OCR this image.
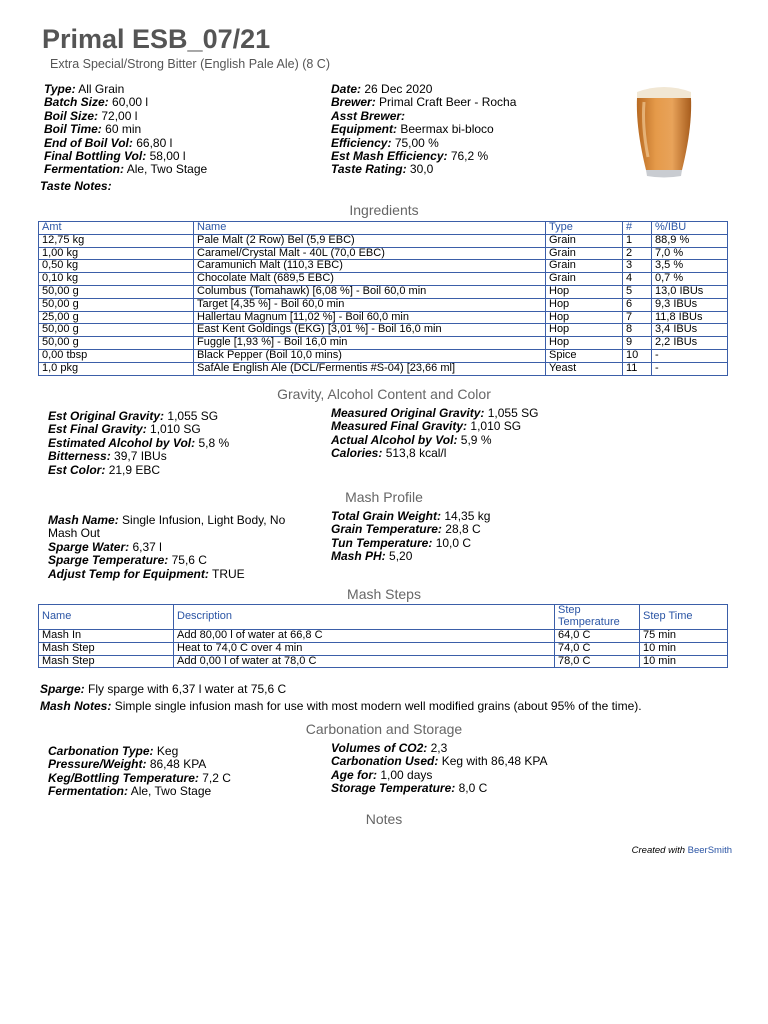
Primal ESB_07/21
Extra Special/Strong Bitter (English Pale Ale) (8 C)
Type: All Grain
Batch Size: 60,00 l
Boil Size: 72,00 l
Boil Time: 60 min
End of Boil Vol: 66,80 l
Final Bottling Vol: 58,00 l
Fermentation: Ale, Two Stage
Date: 26 Dec 2020
Brewer: Primal Craft Beer - Rocha
Asst Brewer:
Equipment: Beermax bi-bloco
Efficiency: 75,00 %
Est Mash Efficiency: 76,2 %
Taste Rating: 30,0
Taste Notes:
Ingredients
Amt	Name	Type	#	%/IBU
12,75 kg	Pale Malt (2 Row) Bel (5,9 EBC)	Grain	1	88,9 %
1,00 kg	Caramel/Crystal Malt - 40L (70,0 EBC)	Grain	2	7,0 %
0,50 kg	Caramunich Malt (110,3 EBC)	Grain	3	3,5 %
0,10 kg	Chocolate Malt (689,5 EBC)	Grain	4	0,7 %
50,00 g	Columbus (Tomahawk) [6,08 %] - Boil 60,0 min	Hop	5	13,0 IBUs
50,00 g	Target [4,35 %] - Boil 60,0 min	Hop	6	9,3 IBUs
25,00 g	Hallertau Magnum [11,02 %] - Boil 60,0 min	Hop	7	11,8 IBUs
50,00 g	East Kent Goldings (EKG) [3,01 %] - Boil 16,0 min	Hop	8	3,4 IBUs
50,00 g	Fuggle [1,93 %] - Boil 16,0 min	Hop	9	2,2 IBUs
0,00 tbsp	Black Pepper (Boil 10,0 mins)	Spice	10	-
1,0 pkg	SafAle English Ale (DCL/Fermentis #S-04) [23,66 ml]	Yeast	11	-
Gravity, Alcohol Content and Color
Est Original Gravity: 1,055 SG
Est Final Gravity: 1,010 SG
Estimated Alcohol by Vol: 5,8 %
Bitterness: 39,7 IBUs
Est Color: 21,9 EBC
Measured Original Gravity: 1,055 SG
Measured Final Gravity: 1,010 SG
Actual Alcohol by Vol: 5,9 %
Calories: 513,8 kcal/l
Mash Profile
Mash Name: Single Infusion, Light Body, No Mash Out
Sparge Water: 6,37 l
Sparge Temperature: 75,6 C
Adjust Temp for Equipment: TRUE
Total Grain Weight: 14,35 kg
Grain Temperature: 28,8 C
Tun Temperature: 10,0 C
Mash PH: 5,20
Mash Steps
Name	Description	Step Temperature	Step Time
Mash In	Add 80,00 l of water at 66,8 C	64,0 C	75 min
Mash Step	Heat to 74,0 C over 4 min	74,0 C	10 min
Mash Step	Add 0,00 l of water at 78,0 C	78,0 C	10 min
Sparge: Fly sparge with 6,37 l water at 75,6 C
Mash Notes: Simple single infusion mash for use with most modern well modified grains (about 95% of the time).
Carbonation and Storage
Carbonation Type: Keg
Pressure/Weight: 86,48 KPA
Keg/Bottling Temperature: 7,2 C
Fermentation: Ale, Two Stage
Volumes of CO2: 2,3
Carbonation Used: Keg with 86,48 KPA
Age for: 1,00 days
Storage Temperature: 8,0 C
Notes
Created with BeerSmith
